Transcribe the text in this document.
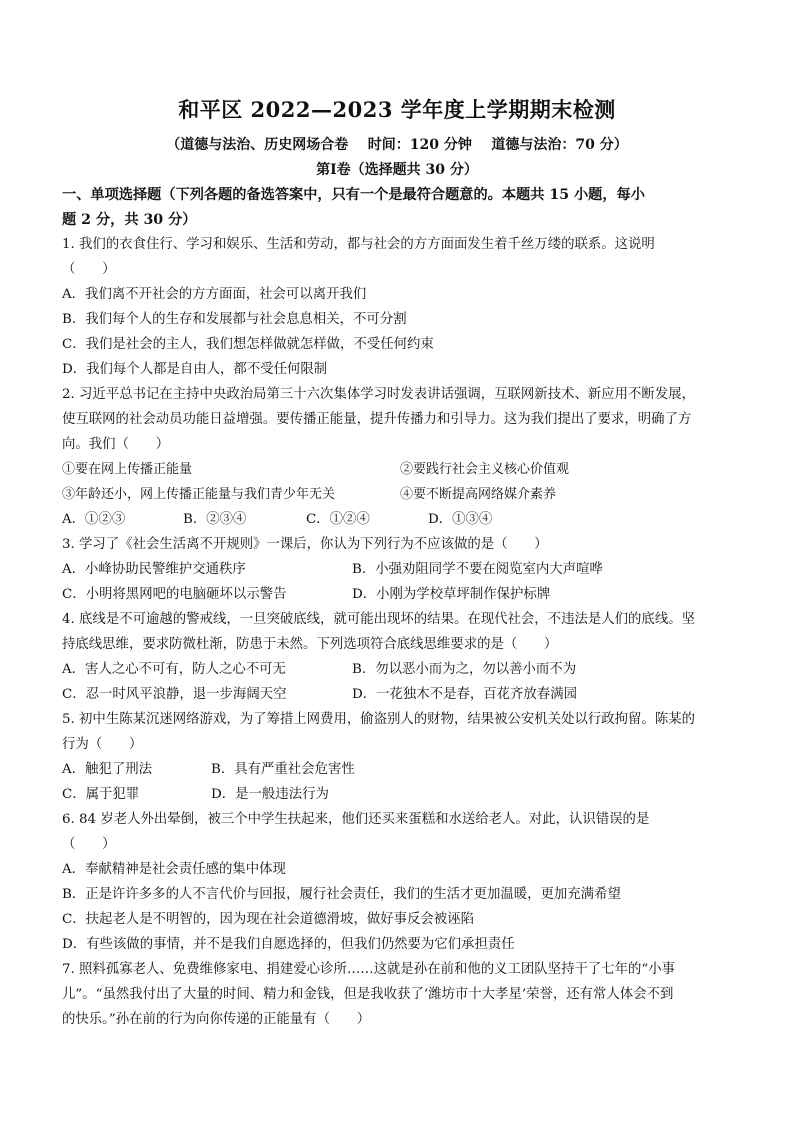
和平区 2022—2023 学年度上学期期末检测
（道德与法治、历史网场合卷    时间：120 分钟    道德与法治：70 分）
第Ⅰ卷（选择题共 30 分）
一、单项选择题（下列各题的备选答案中，只有一个是最符合题意的。本题共 15 小题，每小
题 2 分，共 30 分）
1. 我们的衣食住行、学习和娱乐、生活和劳动，都与社会的方方面面发生着千丝万缕的联系。这说明
（　　）
A．我们离不开社会的方方面面，社会可以离开我们
B．我们每个人的生存和发展都与社会息息相关，不可分割
C．我们是社会的主人，我们想怎样做就怎样做，不受任何约束
D．我们每个人都是自由人，都不受任何限制
2. 习近平总书记在主持中央政治局第三十六次集体学习时发表讲话强调，互联网新技术、新应用不断发展，
使互联网的社会动员功能日益增强。要传播正能量，提升传播力和引导力。这为我们提出了要求，明确了方
向。我们（　　）
①要在网上传播正能量	②要践行社会主义核心价值观
③年龄还小，网上传播正能量与我们青少年无关	④要不断提高网络媒介素养
A．①②③	B．②③④	C．①②④	D．①③④
3. 学习了《社会生活离不开规则》一课后，你认为下列行为不应该做的是（　　）
A．小峰协助民警维护交通秩序	B．小强劝阻同学不要在阅览室内大声喧哗
C．小明将黑网吧的电脑砸坏以示警告	D．小刚为学校草坪制作保护标牌
4. 底线是不可逾越的警戒线，一旦突破底线，就可能出现坏的结果。在现代社会，不违法是人们的底线。坚
持底线思维，要求防微杜渐，防患于未然。下列选项符合底线思维要求的是（　　）
A．害人之心不可有，防人之心不可无	B．勿以恶小而为之，勿以善小而不为
C．忍一时风平浪静，退一步海阔天空	D．一花独木不是春，百花齐放春满园
5. 初中生陈某沉迷网络游戏，为了筹措上网费用，偷盗别人的财物，结果被公安机关处以行政拘留。陈某的
行为（　　）
A．触犯了刑法	B．具有严重社会危害性
C．属于犯罪	D．是一般违法行为
6. 84 岁老人外出晕倒，被三个中学生扶起来，他们还买来蛋糕和水送给老人。对此，认识错误的是
（　　）
A．奉献精神是社会责任感的集中体现
B．正是许许多多的人不言代价与回报，履行社会责任，我们的生活才更加温暖，更加充满希望
C．扶起老人是不明智的，因为现在社会道德滑坡，做好事反会被诬陷
D．有些该做的事情，并不是我们自愿选择的，但我们仍然要为它们承担责任
7. 照料孤寡老人、免费维修家电、捐建爱心诊所……这就是孙在前和他的义工团队坚持干了七年的“小事
儿”。“虽然我付出了大量的时间、精力和金钱，但是我收获了‘潍坊市十大孝星’荣誉，还有常人体会不到
的快乐。”孙在前的行为向你传递的正能量有（　　）
